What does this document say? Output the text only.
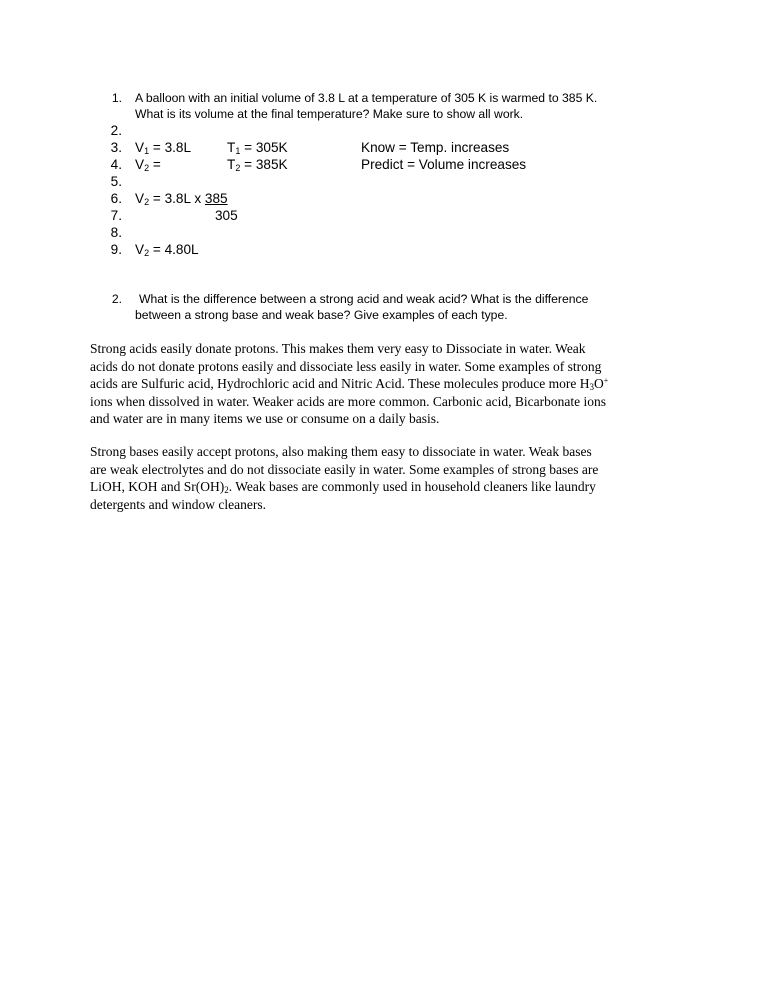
1. A balloon with an initial volume of 3.8 L at a temperature of 305 K is warmed to 385 K.
What is its volume at the final temperature? Make sure to show all work.
2.
3.
4.
5.
6.
7.
8.
9.
$V_1 = 3.8L$	$T_1 = 305K$	Know = Temp. increases
$V_2$ =	$T_2 = 385K$	Predict = Volume increases
$V_2 = 3.8L$ x 385
305
$V_2 = 4.80L$
2. What is the difference between a strong acid and weak acid? What is the difference
between a strong base and weak base? Give examples of each type.
Strong acids easily donate protons. This makes them very easy to Dissociate in water. Weak
acids do not donate protons easily and dissociate less easily in water. Some examples of strong
acids are Sulfuric acid, Hydrochloric acid and Nitric Acid. These molecules produce more $H_3O^+$
ions when dissolved in water. Weaker acids are more common. Carbonic acid, Bicarbonate ions
and water are in many items we use or consume on a daily basis.
Strong bases easily accept protons, also making them easy to dissociate in water. Weak bases
are weak electrolytes and do not dissociate easily in water. Some examples of strong bases are
LiOH, KOH and $Sr(OH)_2$. Weak bases are commonly used in household cleaners like laundry
detergents and window cleaners.
